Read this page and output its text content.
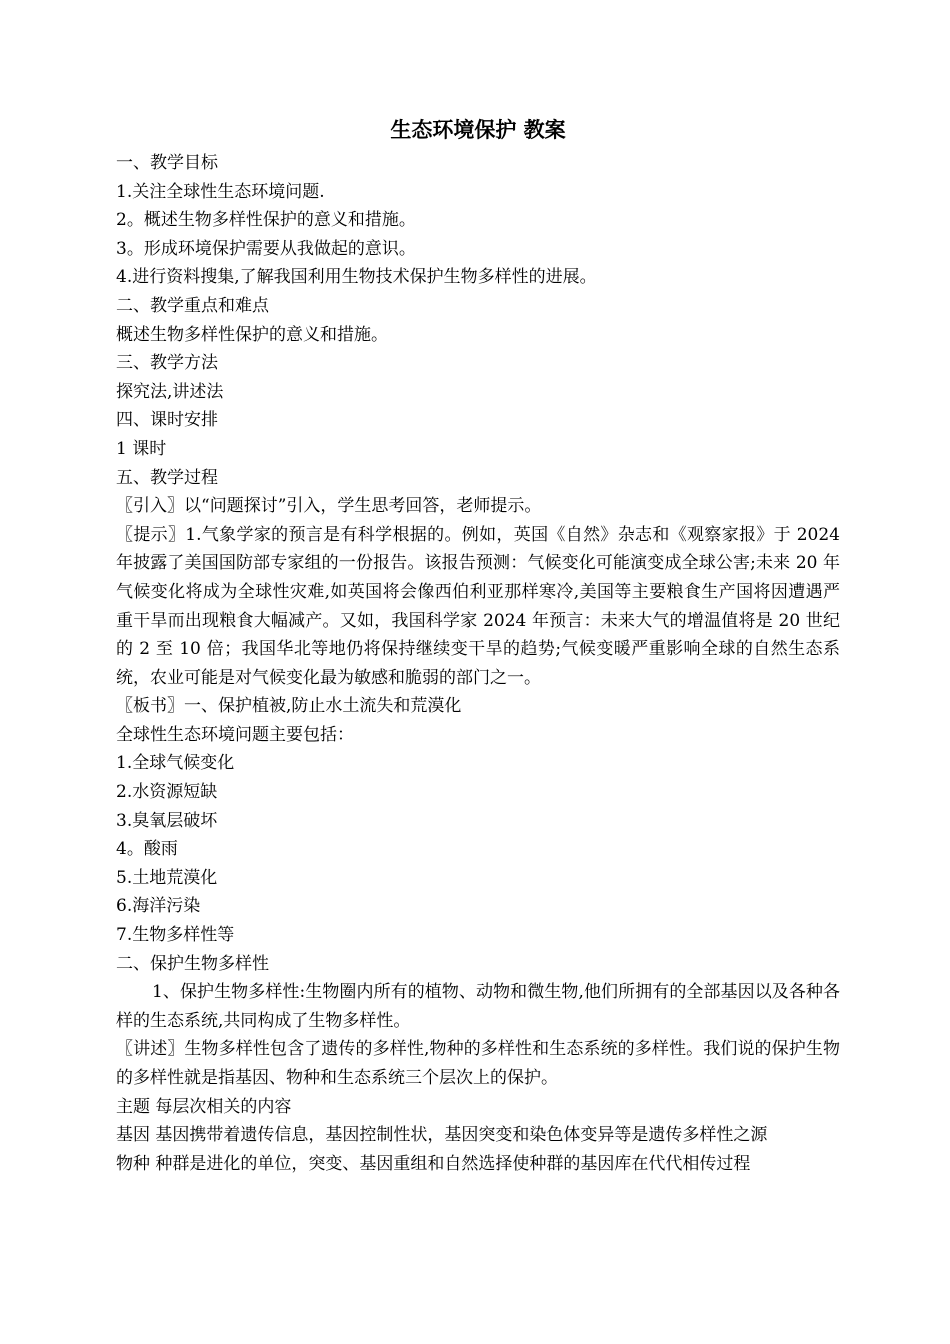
生态环境保护 教案

一、教学目标

1.关注全球性生态环境问题.

2。概述生物多样性保护的意义和措施。

3。形成环境保护需要从我做起的意识。

4.进行资料搜集,了解我国利用生物技术保护生物多样性的进展。

二、教学重点和难点

概述生物多样性保护的意义和措施。

三、教学方法

探究法,讲述法

四、课时安排

1 课时

五、教学过程

〖引入〗以“问题探讨”引入，学生思考回答，老师提示。

〖提示〗1.气象学家的预言是有科学根据的。例如，英国《自然》杂志和《观察家报》于 2024 年披露了美国国防部专家组的一份报告。该报告预测：气候变化可能演变成全球公害;未来 20 年气候变化将成为全球性灾难,如英国将会像西伯利亚那样寒冷,美国等主要粮食生产国将因遭遇严重干旱而出现粮食大幅减产。又如，我国科学家 2024 年预言：未来大气的增温值将是 20 世纪的 2 至 10 倍；我国华北等地仍将保持继续变干旱的趋势;气候变暖严重影响全球的自然生态系统，农业可能是对气候变化最为敏感和脆弱的部门之一。

〖板书〗一、保护植被,防止水土流失和荒漠化

全球性生态环境问题主要包括：

1.全球气候变化

2.水资源短缺

3.臭氧层破坏

4。酸雨

5.土地荒漠化

6.海洋污染

7.生物多样性等

二、保护生物多样性

1、保护生物多样性:生物圈内所有的植物、动物和微生物,他们所拥有的全部基因以及各种各样的生态系统,共同构成了生物多样性。

〖讲述〗生物多样性包含了遗传的多样性,物种的多样性和生态系统的多样性。我们说的保护生物的多样性就是指基因、物种和生态系统三个层次上的保护。

主题 每层次相关的内容

基因 基因携带着遗传信息，基因控制性状，基因突变和染色体变异等是遗传多样性之源

物种 种群是进化的单位，突变、基因重组和自然选择使种群的基因库在代代相传过程
